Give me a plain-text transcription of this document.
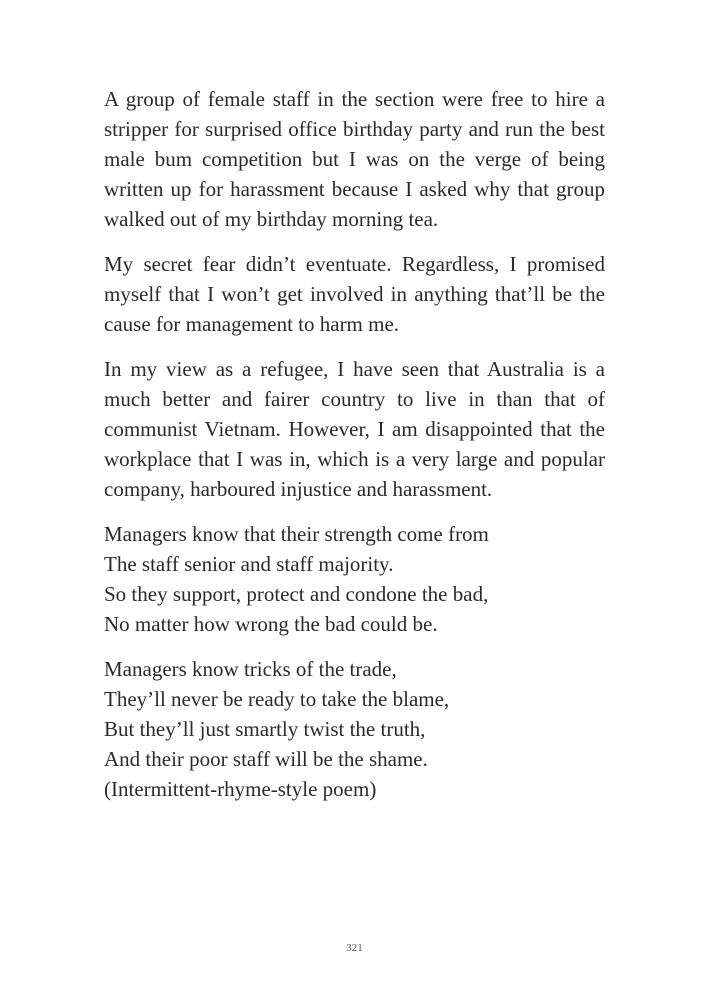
A group of female staff in the section were free to hire a stripper for surprised office birthday party and run the best male bum competition but I was on the verge of being written up for harassment because I asked why that group walked out of my birthday morning tea.

My secret fear didn’t eventuate. Regardless, I promised myself that I won’t get involved in anything that’ll be the cause for management to harm me.

In my view as a refugee, I have seen that Australia is a much better and fairer country to live in than that of communist Vietnam. However, I am disappointed that the workplace that I was in, which is a very large and popular company, harboured injustice and harassment.

Managers know that their strength come from
The staff senior and staff majority.
So they support, protect and condone the bad,
No matter how wrong the bad could be.
Managers know tricks of the trade,
They’ll never be ready to take the blame,
But they’ll just smartly twist the truth,
And their poor staff will be the shame.
(Intermittent-rhyme-style poem)
321
